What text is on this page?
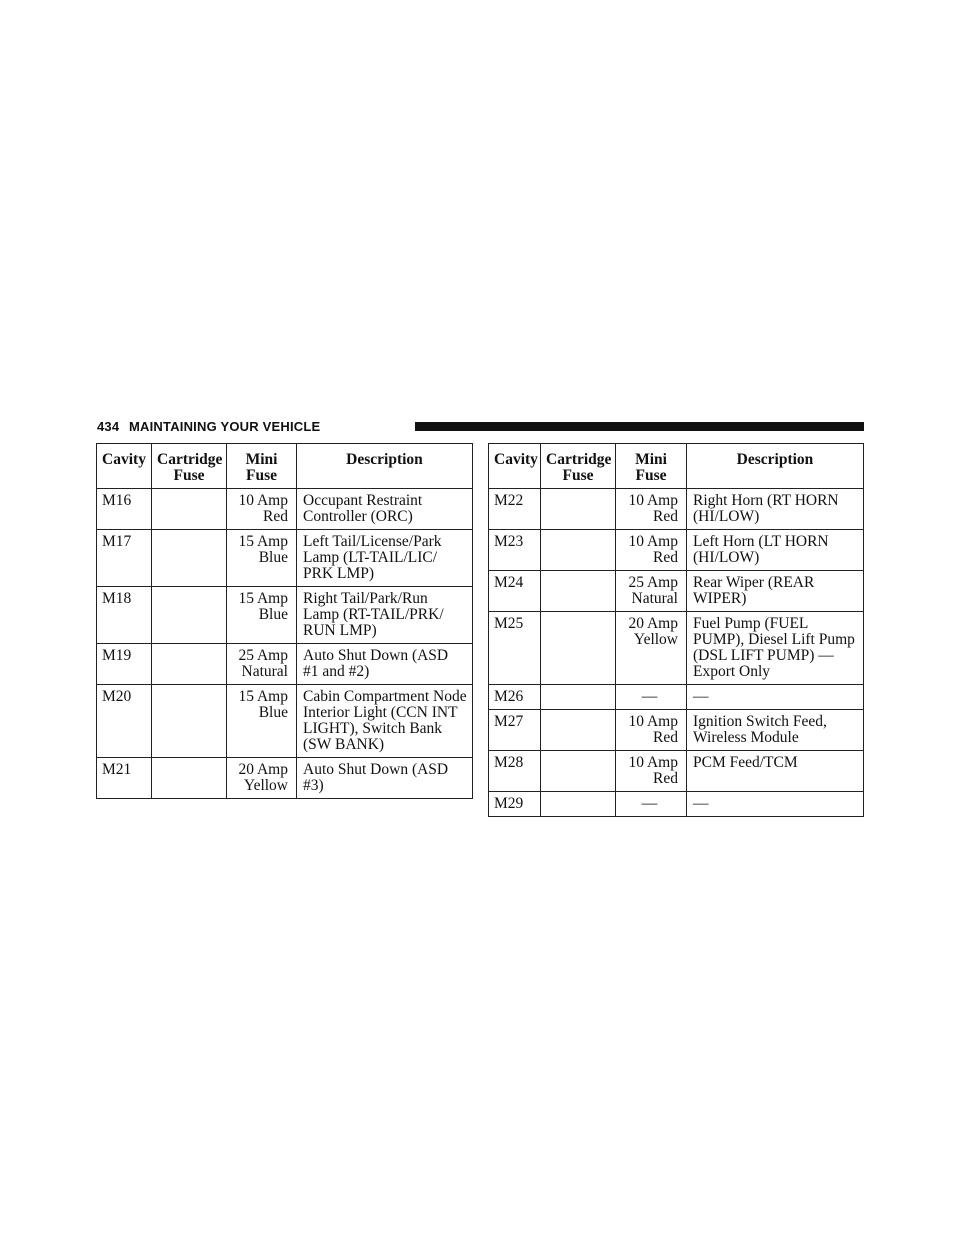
434 MAINTAINING YOUR VEHICLE
Cavity	Cartridge Fuse	Mini Fuse	Description
M16		10 Amp Red	Occupant Restraint Controller (ORC)
M17		15 Amp Blue	Left Tail/License/Park Lamp (LT-TAIL/LIC/ PRK LMP)
M18		15 Amp Blue	Right Tail/Park/Run Lamp (RT-TAIL/PRK/ RUN LMP)
M19		25 Amp Natural	Auto Shut Down (ASD #1 and #2)
M20		15 Amp Blue	Cabin Compartment Node Interior Light (CCN INT LIGHT), Switch Bank (SW BANK)
M21		20 Amp Yellow	Auto Shut Down (ASD #3)
Cavity	Cartridge Fuse	Mini Fuse	Description
M22		10 Amp Red	Right Horn (RT HORN (HI/LOW)
M23		10 Amp Red	Left Horn (LT HORN (HI/LOW)
M24		25 Amp Natural	Rear Wiper (REAR WIPER)
M25		20 Amp Yellow	Fuel Pump (FUEL PUMP), Diesel Lift Pump (DSL LIFT PUMP) — Export Only
M26		—	—
M27		10 Amp Red	Ignition Switch Feed, Wireless Module
M28		10 Amp Red	PCM Feed/TCM
M29		—	—
